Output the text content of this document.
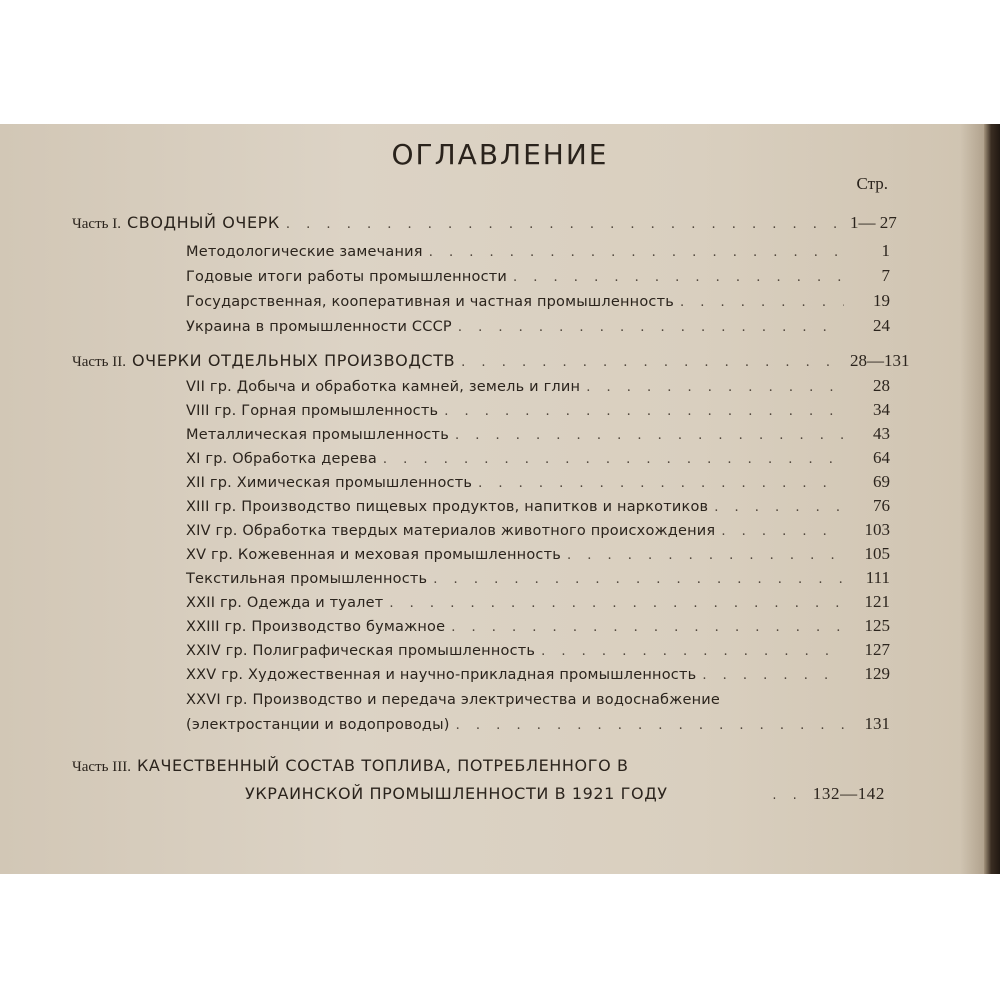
ОГЛАВЛЕНИЕ
Стр.
Часть I. СВОДНЫЙ ОЧЕРК . . .	1— 27
Методологические замечания . . .	1
Годовые итоги работы промышленности . . .	7
Государственная, кооперативная и частная промышленность . . .	19
Украина в промышленности СССР . . .	24
Часть II. ОЧЕРКИ ОТДЕЛЬНЫХ ПРОИЗВОДСТВ . . .	28—131
VII гр. Добыча и обработка камней, земель и глин . . .	28
VIII гр. Горная промышленность . . .	34
Металлическая промышленность . . .	43
XI гр. Обработка дерева . . .	64
XII гр. Химическая промышленность . . .	69
XIII гр. Производство пищевых продуктов, напитков и наркотиков . . .	76
XIV гр. Обработка твердых материалов животного происхождения . . .	103
XV гр. Кожевенная и меховая промышленность . . .	105
Текстильная промышленность . . .	111
XXII гр. Одежда и туалет . . .	121
XXIII гр. Производство бумажное . . .	125
XXIV гр. Полиграфическая промышленность . . .	127
XXV гр. Художественная и научно-прикладная промышленность . . .	129
XXVI гр. Производство и передача электричества и водоснабжение
(электростанции и водопроводы) . . .	131
Часть III. КАЧЕСТВЕННЫЙ СОСТАВ ТОПЛИВА, ПОТРЕБЛЕННОГО В
УКРАИНСКОЙ ПРОМЫШЛЕННОСТИ В 1921 ГОДУ	. . 132—142
